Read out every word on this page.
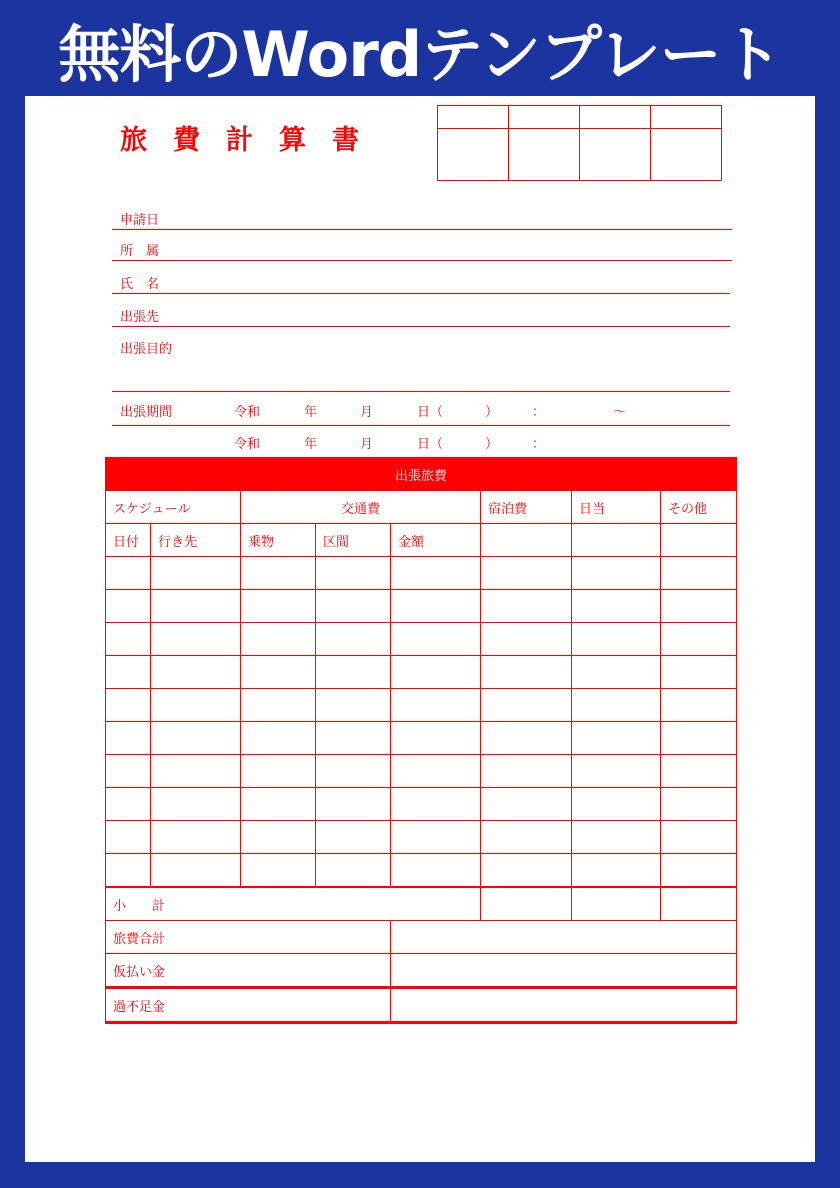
無料のWordテンプレート
旅費計算書

申請日
所　属
氏　名
出張先
出張目的
出張期間	令和	年	月	日（	）	：	～
令和	年	月	日（	）	：
出張旅費							
スケジュール		交通費			宿泊費	日当	その他
日付	行き先	乗物	区間	金額			

小　　計							
旅費合計							
仮払い金							
過不足金							
